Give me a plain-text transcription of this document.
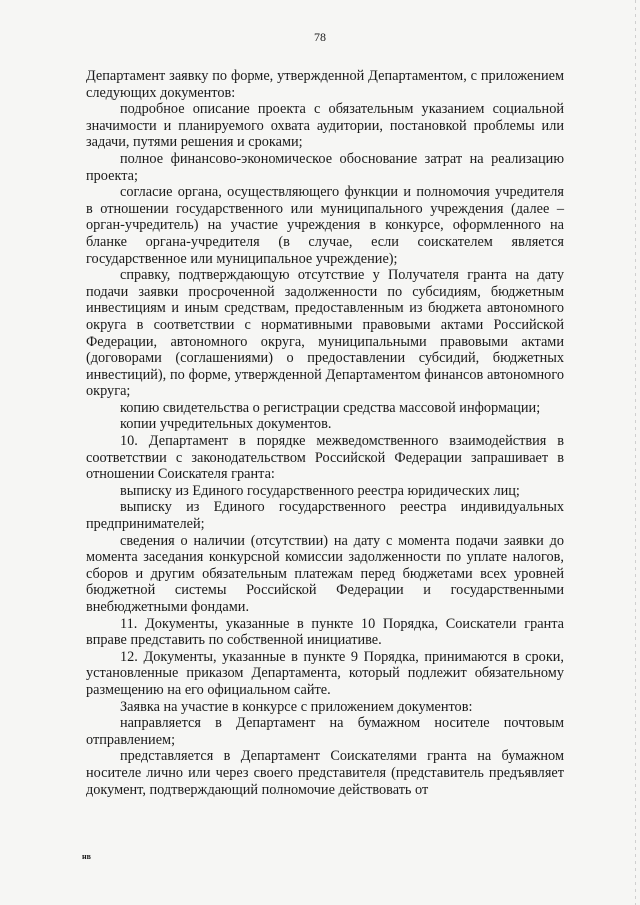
78

Департамент заявку по форме, утвержденной Департаментом, с приложением следующих документов:

подробное описание проекта с обязательным указанием социальной значимости и планируемого охвата аудитории, постановкой проблемы или задачи, путями решения и сроками;

полное финансово-экономическое обоснование затрат на реализацию проекта;

согласие органа, осуществляющего функции и полномочия учредителя в отношении государственного или муниципального учреждения (далее – орган-учредитель) на участие учреждения в конкурсе, оформленного на бланке органа-учредителя (в случае, если соискателем является государственное или муниципальное учреждение);

справку, подтверждающую отсутствие у Получателя гранта на дату подачи заявки просроченной задолженности по субсидиям, бюджетным инвестициям и иным средствам, предоставленным из бюджета автономного округа в соответствии с нормативными правовыми актами Российской Федерации, автономного округа, муниципальными правовыми актами (договорами (соглашениями) о предоставлении субсидий, бюджетных инвестиций), по форме, утвержденной Департаментом финансов автономного округа;

копию свидетельства о регистрации средства массовой информации;

копии учредительных документов.

10. Департамент в порядке межведомственного взаимодействия в соответствии с законодательством Российской Федерации запрашивает в отношении Соискателя гранта:

выписку из Единого государственного реестра юридических лиц;

выписку из Единого государственного реестра индивидуальных предпринимателей;

сведения о наличии (отсутствии) на дату с момента подачи заявки до момента заседания конкурсной комиссии задолженности по уплате налогов, сборов и другим обязательным платежам перед бюджетами всех уровней бюджетной системы Российской Федерации и государственными внебюджетными фондами.

11. Документы, указанные в пункте 10 Порядка, Соискатели гранта вправе представить по собственной инициативе.

12. Документы, указанные в пункте 9 Порядка, принимаются в сроки, установленные приказом Департамента, который подлежит обязательному размещению на его официальном сайте.

Заявка на участие в конкурсе с приложением документов:

направляется в Департамент на бумажном носителе почтовым отправлением;

представляется в Департамент Соискателями гранта на бумажном носителе лично или через своего представителя (представитель предъявляет документ, подтверждающий полномочие действовать от

нв
